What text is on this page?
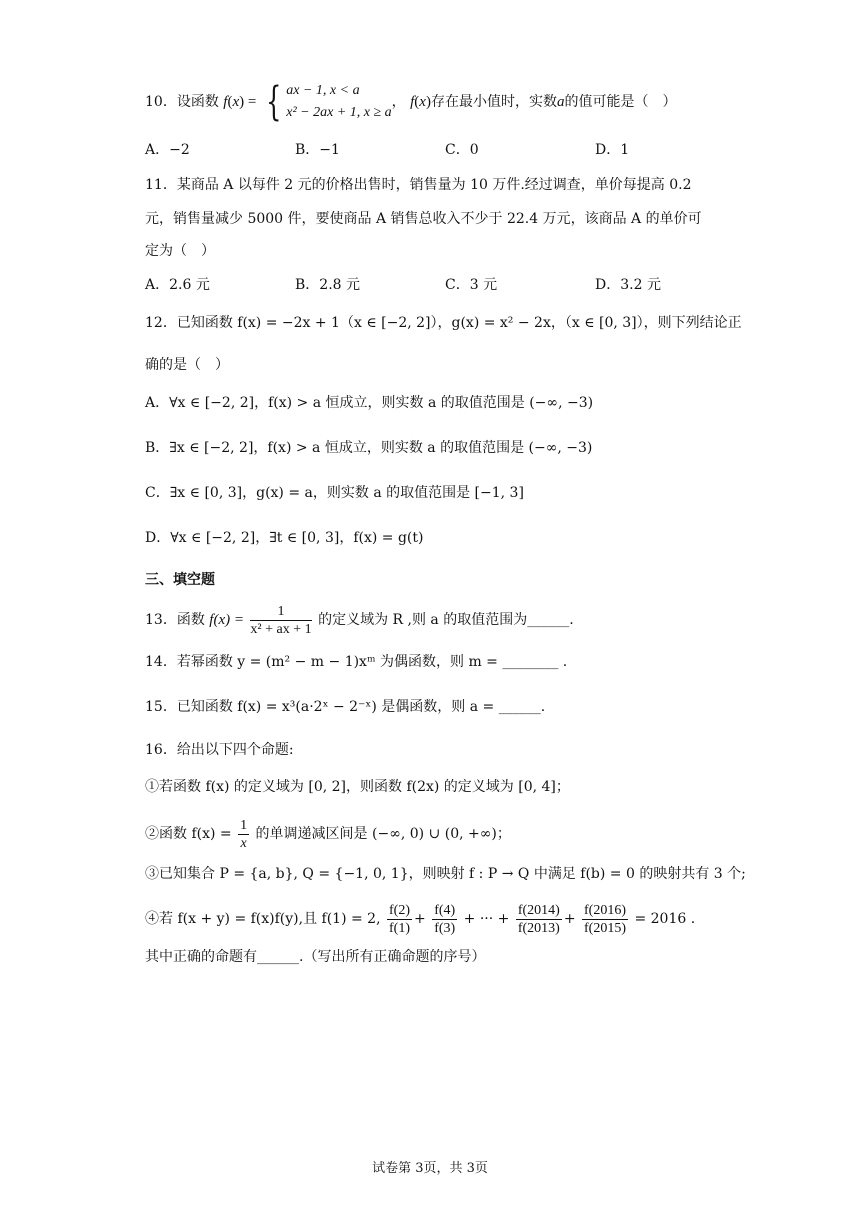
10．设函数 f(x) = { ax − 1, x < a
x² − 2ax + 1, x ≥ a
， f(x)存在最小值时，实数a的值可能是（　）
A．−2	B．−1	C．0	D．1
11．某商品 A 以每件 2 元的价格出售时，销售量为 10 万件.经过调查，单价每提高 0.2
元，销售量减少 5000 件，要使商品 A 销售总收入不少于 22.4 万元，该商品 A 的单价可
定为（　）
A．2.6 元	B．2.8 元	C．3 元	D．3.2 元
12．已知函数 f(x) = −2x + 1（x ∈ [−2, 2]），g(x) = x² − 2x，（x ∈ [0, 3]），则下列结论正
确的是（　）
A．∀x ∈ [−2, 2]，f(x) > a 恒成立，则实数 a 的取值范围是 (−∞, −3)
B．∃x ∈ [−2, 2]，f(x) > a 恒成立，则实数 a 的取值范围是 (−∞, −3)
C．∃x ∈ [0, 3]，g(x) = a，则实数 a 的取值范围是 [−1, 3]
D．∀x ∈ [−2, 2]，∃t ∈ [0, 3]，f(x) = g(t)
三、填空题
13．函数 $f(x) = \frac{1}{\text{x² + ax + 1}}$ 的定义域为 R ,则 a 的取值范围为______.
14．若幂函数 y = (m² − m − 1)xᵐ 为偶函数，则 m = ________ .
15．已知函数 f(x) = x³(a·2ˣ − 2⁻ˣ) 是偶函数，则 a = ______.
16．给出以下四个命题:
①若函数 f(x) 的定义域为 [0, 2]，则函数 f(2x) 的定义域为 [0, 4]；
②函数 $f(x) = \frac{1}{x}$ 的单调递减区间是 (−∞, 0) ∪ (0, +∞)；
③已知集合 P = {a, b}, Q = {−1, 0, 1}，则映射 f : P → Q 中满足 f(b) = 0 的映射共有 3 个;
④若 f(x + y) = f(x)f(y),且 f(1) = 2, $\frac{f(2)}{f(1)} + \frac{f(4)}{f(3)}$ + ··· + $\frac{f(2014)}{f(2013)} + \frac{f(2016)}{f(2015)} = 2016$ .
其中正确的命题有______.（写出所有正确命题的序号）
试卷第 3页，共 3页
